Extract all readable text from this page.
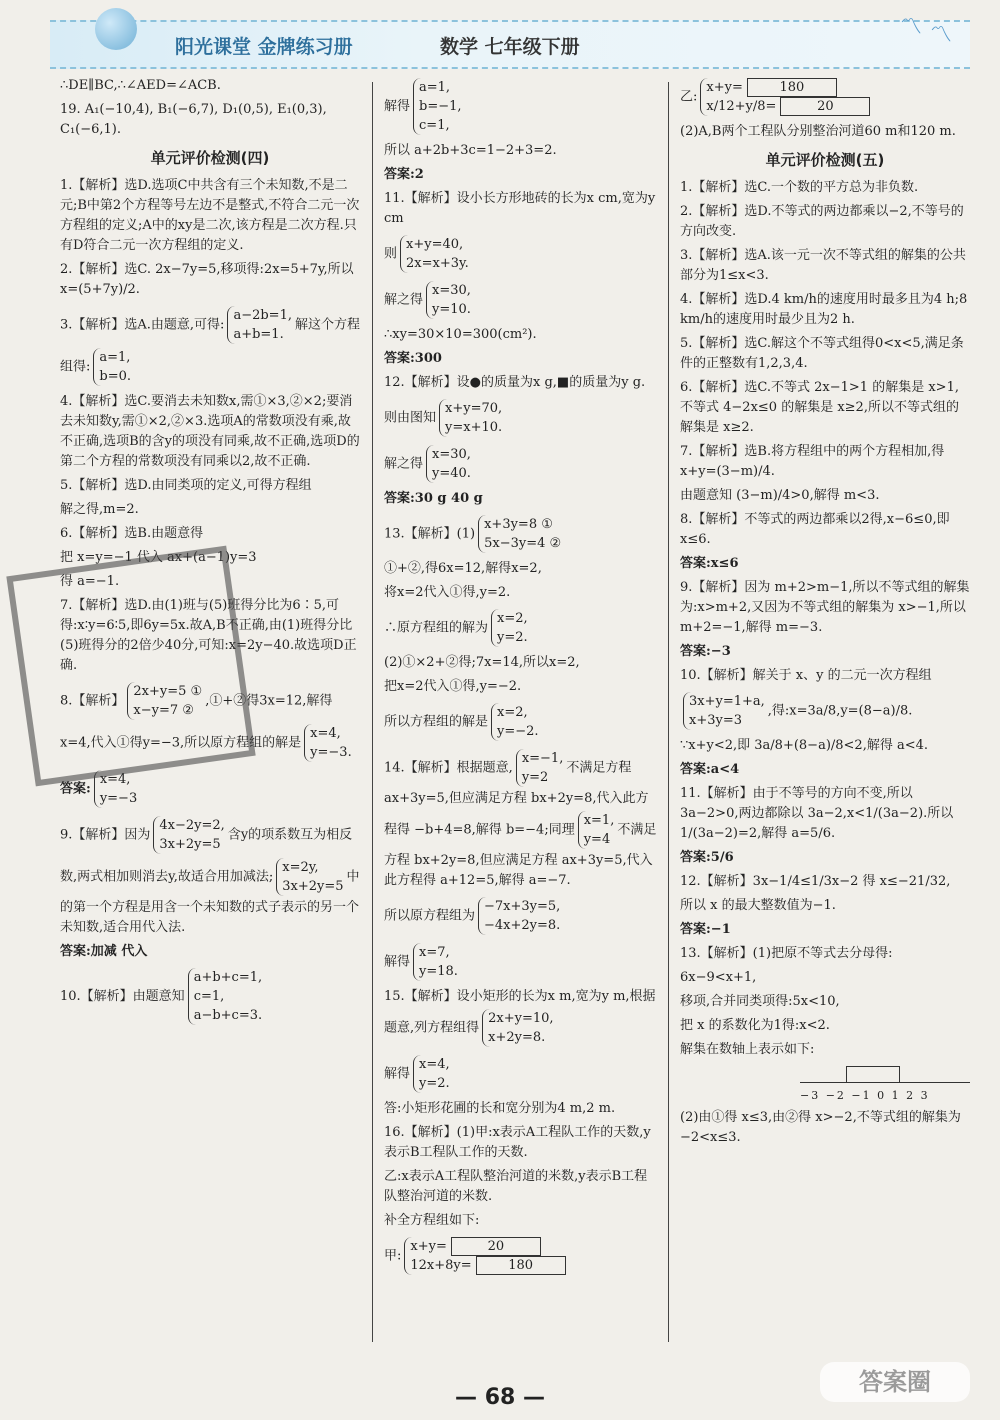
阳光课堂 金牌练习册	数学 七年级下册
〽 〽

∴DE∥BC,∴∠AED=∠ACB.

19. A₁(−10,4), B₁(−6,7), D₁(0,5), E₁(0,3), C₁(−6,1).

单元评价检测(四)

1.【解析】选D.选项C中共含有三个未知数,不是二元;B中第2个方程等号左边不是整式,不符合二元一次方程组的定义;A中的xy是二次,该方程是二次方程.只有D符合二元一次方程组的定义.

2.【解析】选C. 2x−7y=5,移项得:2x=5+7y,所以 x=(5+7y)/2.

3.【解析】选A.由题意,可得:a−2b=1,
a+b=1.解这个方程组得:a=1,
b=0.

4.【解析】选C.要消去未知数x,需①×3,②×2;要消去未知数y,需①×2,②×3.选项A的常数项没有乘,故不正确,选项B的含y的项没有同乘,故不正确,选项D的第二个方程的常数项没有同乘以2,故不正确.

5.【解析】选D.由同类项的定义,可得方程组

解之得,m=2.

6.【解析】选B.由题意得

把 x=y=−1 代入 ax+(a−1)y=3

得 a=−1.

7.【解析】选D.由(1)班与(5)班得分比为6∶5,可得:x∶y=6∶5,即6y=5x.故A,B不正确,由(1)班得分比(5)班得分的2倍少40分,可知:x=2y−40.故选项D正确.

8.【解析】2x+y=5 ①
x−y=7 ②,①+②得3x=12,解得x=4,代入①得y=−3,所以原方程组的解是x=4,
y=−3.

答案:x=4,
y=−3

9.【解析】因为4x−2y=2,
3x+2y=5含y的项系数互为相反数,两式相加则消去y,故适合用加减法;x=2y,
3x+2y=5中的第一个方程是用含一个未知数的式子表示的另一个未知数,适合用代入法.

答案:加减 代入

10.【解析】由题意知a+b+c=1,
c=1,
a−b+c=3.

解得a=1,
b=−1,
c=1,

所以 a+2b+3c=1−2+3=2.

答案:2

11.【解析】设小长方形地砖的长为x cm,宽为y cm

则x+y=40,
2x=x+3y.

解之得x=30,
y=10.

∴xy=30×10=300(cm²).

答案:300

12.【解析】设●的质量为x g,■的质量为y g.

则由图知x+y=70,
y=x+10.

解之得x=30,
y=40.

答案:30 g 40 g

13.【解析】(1)x+3y=8 ①
5x−3y=4 ②

①+②,得6x=12,解得x=2,

将x=2代入①得,y=2.

∴原方程组的解为x=2,
y=2.

(2)①×2+②得;7x=14,所以x=2,

把x=2代入①得,y=−2.

所以方程组的解是x=2,
y=−2.

14.【解析】根据题意,x=−1,
y=2不满足方程 ax+3y=5,但应满足方程 bx+2y=8,代入此方程得 −b+4=8,解得 b=−4;同理x=1,
y=4不满足方程 bx+2y=8,但应满足方程 ax+3y=5,代入此方程得 a+12=5,解得 a=−7.

所以原方程组为−7x+3y=5,
−4x+2y=8.

解得x=7,
y=18.

15.【解析】设小矩形的长为x m,宽为y m,根据题意,列方程组得2x+y=10,
x+2y=8.

解得x=4,
y=2.

答:小矩形花圃的长和宽分别为4 m,2 m.

16.【解析】(1)甲:x表示A工程队工作的天数,y表示B工程队工作的天数.

乙:x表示A工程队整治河道的米数,y表示B工程队整治河道的米数.

补全方程组如下:

甲:x+y=	20
12x+8y=	180

乙:x+y=	180
x/12+y/8=	20

(2)A,B两个工程队分别整治河道60 m和120 m.

单元评价检测(五)

1.【解析】选C.一个数的平方总为非负数.

2.【解析】选D.不等式的两边都乘以−2,不等号的方向改变.

3.【解析】选A.该一元一次不等式组的解集的公共部分为1≤x<3.

4.【解析】选D.4 km/h的速度用时最多且为4 h;8 km/h的速度用时最少且为2 h.

5.【解析】选C.解这个不等式组得0<x<5,满足条件的正整数有1,2,3,4.

6.【解析】选C.不等式 2x−1>1 的解集是 x>1,不等式 4−2x≤0 的解集是 x≥2,所以不等式组的解集是 x≥2.

7.【解析】选B.将方程组中的两个方程相加,得 x+y=(3−m)/4.

由题意知 (3−m)/4>0,解得 m<3.

8.【解析】不等式的两边都乘以2得,x−6≤0,即 x≤6.

答案:x≤6

9.【解析】因为 m+2>m−1,所以不等式组的解集为:x>m+2,又因为不等式组的解集为 x>−1,所以 m+2=−1,解得 m=−3.

答案:−3

10.【解析】解关于 x、y 的二元一次方程组

3x+y=1+a,
x+3y=3,得:x=3a/8,y=(8−a)/8.

∵x+y<2,即 3a/8+(8−a)/8<2,解得 a<4.

答案:a<4

11.【解析】由于不等号的方向不变,所以 3a−2>0,两边都除以 3a−2,x<1/(3a−2).所以 1/(3a−2)=2,解得 a=5/6.

答案:5/6

12.【解析】3x−1/4≤1/3x−2 得 x≤−21/32,

所以 x 的最大整数值为−1.

答案:−1

13.【解析】(1)把原不等式去分母得:

6x−9<x+1,

移项,合并同类项得:5x<10,

把 x 的系数化为1得:x<2.

解集在数轴上表示如下:

−3 −2 −1 0 1 2 3

(2)由①得 x≤3,由②得 x>−2,不等式组的解集为 −2<x≤3.

— 68 —
答案圈
